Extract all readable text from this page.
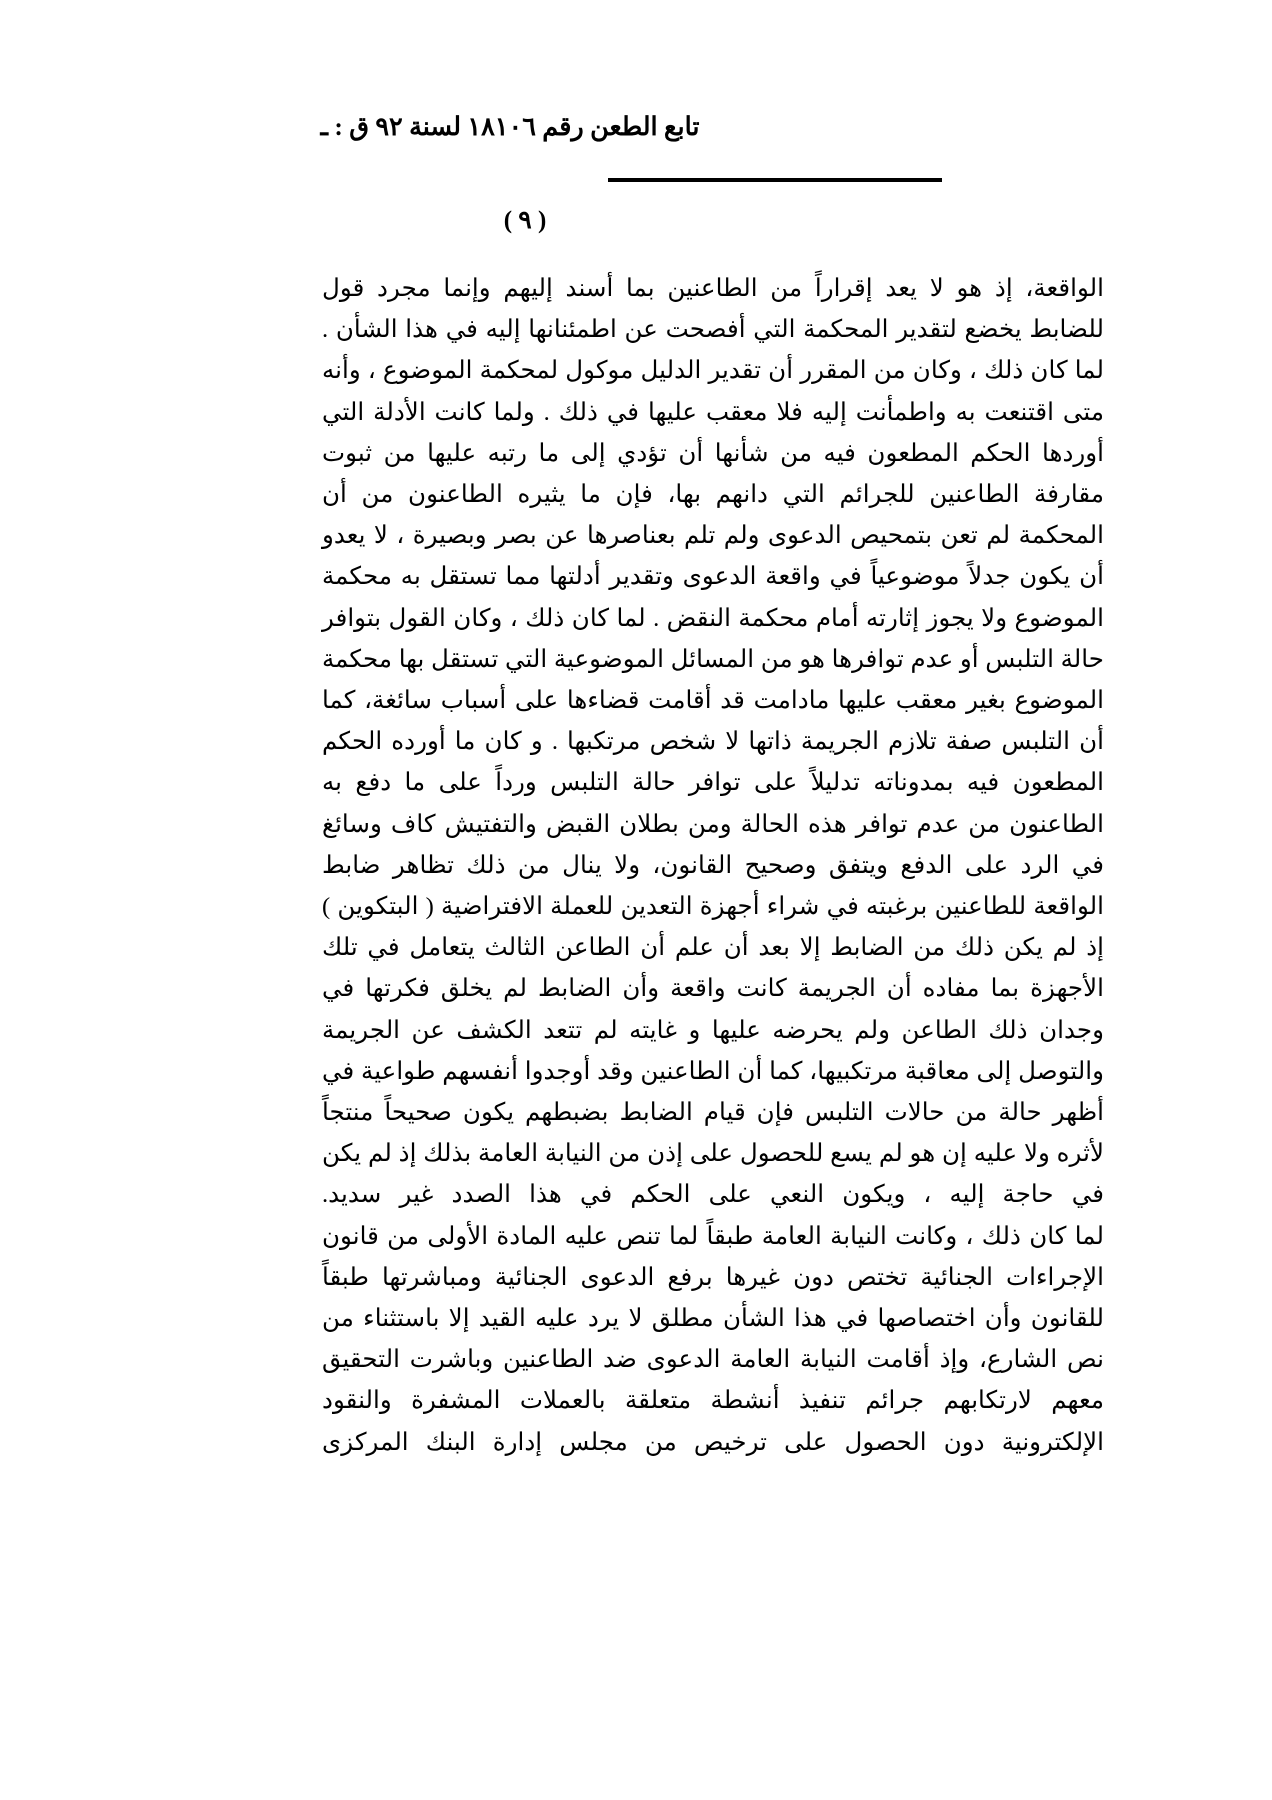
تابع الطعن رقم ١٨١٠٦ لسنة ٩٢ ق : ـ
( ٩ )

الواقعة، إذ هو لا يعد إقراراً من الطاعنين بما أسند إليهم وإنما مجرد قول للضابط يخضع لتقدير المحكمة التي أفصحت عن اطمئنانها إليه في هذا الشأن . لما كان ذلك ، وكان من المقرر أن تقدير الدليل موكول لمحكمة الموضوع ، وأنه متى اقتنعت به واطمأنت إليه فلا معقب عليها في ذلك . ولما كانت الأدلة التي أوردها الحكم المطعون فيه من شأنها أن تؤدي إلى ما رتبه عليها من ثبوت مقارفة الطاعنين للجرائم التي دانهم بها، فإن ما يثيره الطاعنون من أن المحكمة لم تعن بتمحيص الدعوى ولم تلم بعناصرها عن بصر وبصيرة ، لا يعدو أن يكون جدلاً موضوعياً في واقعة الدعوى وتقدير أدلتها مما تستقل به محكمة الموضوع ولا يجوز إثارته أمام محكمة النقض . لما كان ذلك ، وكان القول بتوافر حالة التلبس أو عدم توافرها هو من المسائل الموضوعية التي تستقل بها محكمة الموضوع بغير معقب عليها مادامت قد أقامت قضاءها على أسباب سائغة، كما أن التلبس صفة تلازم الجريمة ذاتها لا شخص مرتكبها . و كان ما أورده الحكم المطعون فيه بمدوناته تدليلاً على توافر حالة التلبس ورداً على ما دفع به الطاعنون من عدم توافر هذه الحالة ومن بطلان القبض والتفتيش كاف وسائغ في الرد على الدفع ويتفق وصحيح القانون، ولا ينال من ذلك تظاهر ضابط الواقعة للطاعنين برغبته في شراء أجهزة التعدين للعملة الافتراضية ( البتكوين ) إذ لم يكن ذلك من الضابط إلا بعد أن علم أن الطاعن الثالث يتعامل في تلك الأجهزة بما مفاده أن الجريمة كانت واقعة وأن الضابط لم يخلق فكرتها في وجدان ذلك الطاعن ولم يحرضه عليها و غايته لم تتعد الكشف عن الجريمة والتوصل إلى معاقبة مرتكبيها، كما أن الطاعنين وقد أوجدوا أنفسهم طواعية في أظهر حالة من حالات التلبس فإن قيام الضابط بضبطهم يكون صحيحاً منتجاً لأثره ولا عليه إن هو لم يسع للحصول على إذن من النيابة العامة بذلك إذ لم يكن في حاجة إليه ، ويكون النعي على الحكم في هذا الصدد غير سديد.

لما كان ذلك ، وكانت النيابة العامة طبقاً لما تنص عليه المادة الأولى من قانون الإجراءات الجنائية تختص دون غيرها برفع الدعوى الجنائية ومباشرتها طبقاً للقانون وأن اختصاصها في هذا الشأن مطلق لا يرد عليه القيد إلا باستثناء من نص الشارع، وإذ أقامت النيابة العامة الدعوى ضد الطاعنين وباشرت التحقيق معهم لارتكابهم جرائم تنفيذ أنشطة متعلقة بالعملات المشفرة والنقود الإلكترونية دون الحصول على ترخيص من مجلس إدارة البنك المركزى
